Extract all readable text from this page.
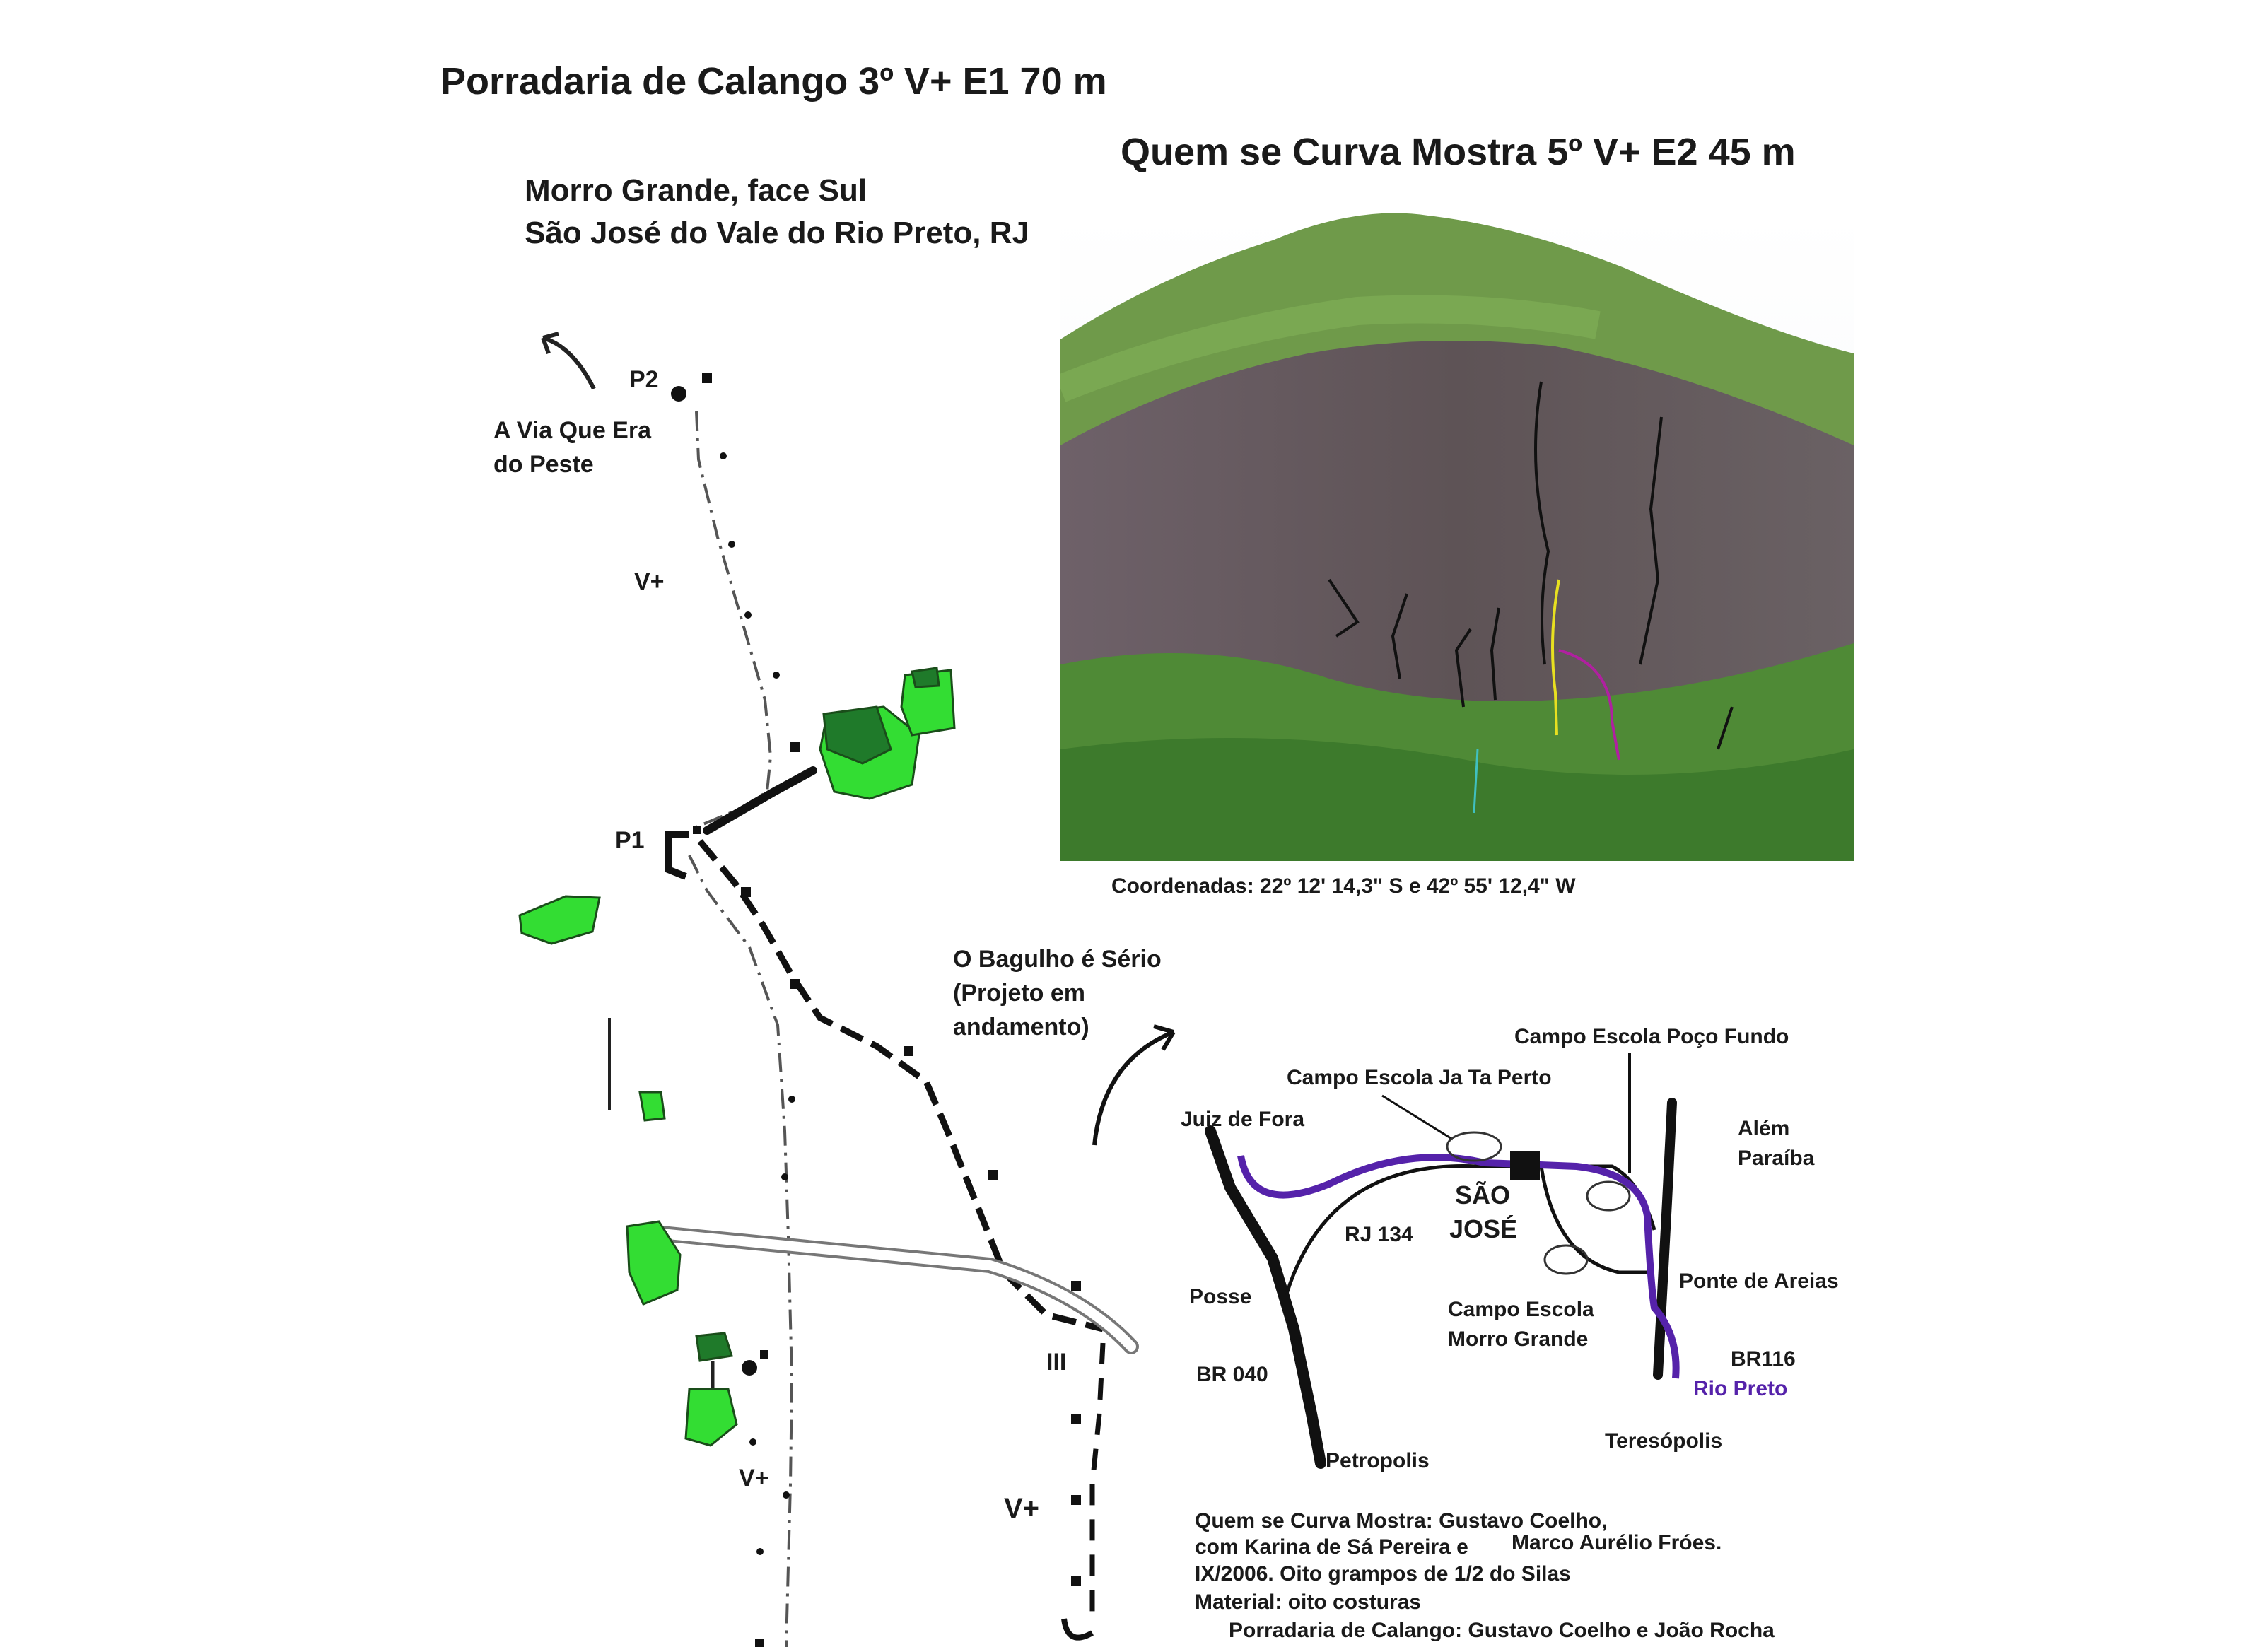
Porradaria de Calango 3º V+ E1 70 m
Quem se Curva Mostra 5º V+ E2 45 m
Morro Grande, face Sul
São José do Vale do Rio Preto, RJ
P2
A Via Que Era
do Peste
V+
P1
O Bagulho é Sério
(Projeto em
andamento)
III
V+
V+
Coordenadas: 22º 12' 14,3" S e 42º 55' 12,4" W
Campo Escola Poço Fundo
Campo Escola Ja Ta Perto
Juiz de Fora	Além
Paraíba
SÃO
JOSÉ
RJ 134
Ponte de Areias
Posse
Campo Escola
Morro Grande
BR116
BR 040
Rio Preto
Teresópolis
Petropolis
Quem se Curva Mostra: Gustavo Coelho,
com Karina de Sá Pereira e Marco Aurélio Fróes.
IX/2006. Oito grampos de 1/2 do Silas
Material: oito costuras
Porradaria de Calango: Gustavo Coelho e João Rocha
